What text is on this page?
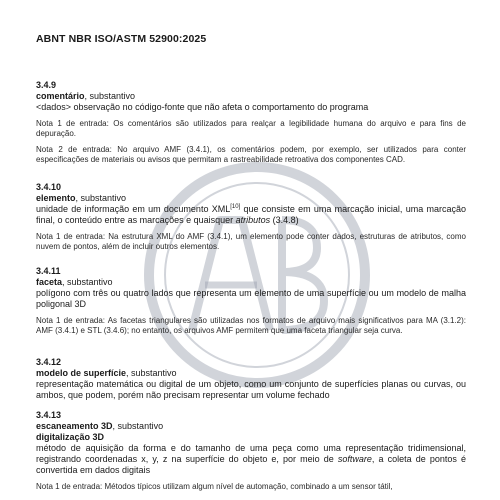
ABNT NBR ISO/ASTM 52900:2025
3.4.9
comentário, substantivo
<dados> observação no código-fonte que não afeta o comportamento do programa
Nota 1 de entrada: Os comentários são utilizados para realçar a legibilidade humana do arquivo e para fins de depuração.
Nota 2 de entrada: No arquivo AMF (3.4.1), os comentários podem, por exemplo, ser utilizados para conter especificações de materiais ou avisos que permitam a rastreabilidade retroativa dos componentes CAD.
3.4.10
elemento, substantivo
unidade de informação em um documento XML[10] que consiste em uma marcação inicial, uma marcação final, o conteúdo entre as marcações e quaisquer atributos (3.4.8)
Nota 1 de entrada: Na estrutura XML do AMF (3.4.1), um elemento pode conter dados, estruturas de atributos, como nuvem de pontos, além de incluir outros elementos.
3.4.11
faceta, substantivo
polígono com três ou quatro lados que representa um elemento de uma superfície ou um modelo de malha poligonal 3D
Nota 1 de entrada: As facetas triangulares são utilizadas nos formatos de arquivo mais significativos para MA (3.1.2): AMF (3.4.1) e STL (3.4.6); no entanto, os arquivos AMF permitem que uma faceta triangular seja curva.
3.4.12
modelo de superfície, substantivo
representação matemática ou digital de um objeto, como um conjunto de superfícies planas ou curvas, ou ambos, que podem, porém não precisam representar um volume fechado
3.4.13
escaneamento 3D, substantivo
digitalização 3D
método de aquisição da forma e do tamanho de uma peça como uma representação tridimensional, registrando coordenadas x, y, z na superfície do objeto e, por meio de software, a coleta de pontos é convertida em dados digitais
Nota 1 de entrada: Métodos típicos utilizam algum nível de automação, combinado a um sensor tátil,
